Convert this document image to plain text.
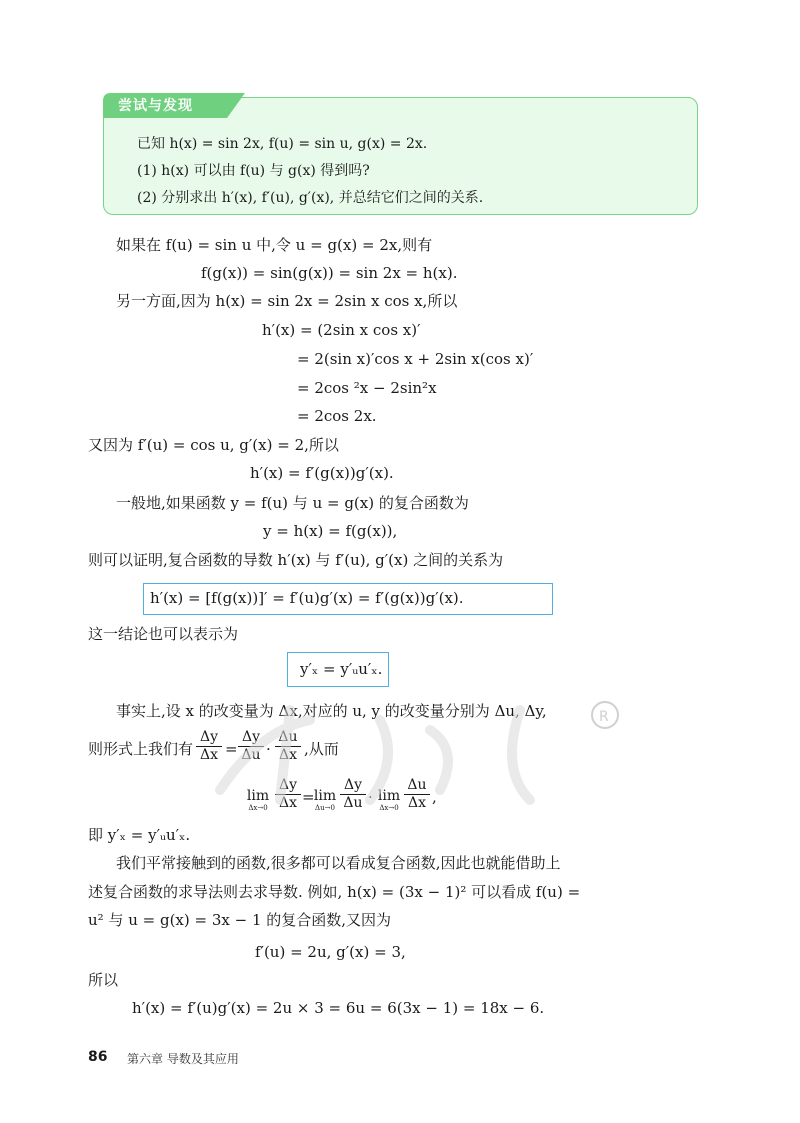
尝试与发现
已知 h(x) = sin 2x, f(u) = sin u, g(x) = 2x.
(1) h(x) 可以由 f(u) 与 g(x) 得到吗?
(2) 分别求出 h′(x), f′(u), g′(x), 并总结它们之间的关系.
如果在 f(u) = sin u 中,令 u = g(x) = 2x,则有
f(g(x)) = sin(g(x)) = sin 2x = h(x).
另一方面,因为 h(x) = sin 2x = 2sin x cos x,所以
h′(x) = (2sin x cos x)′
= 2(sin x)′cos x + 2sin x(cos x)′
= 2cos ²x − 2sin²x
= 2cos 2x.
又因为 f′(u) = cos u, g′(x) = 2,所以
h′(x) = f′(g(x))g′(x).
一般地,如果函数 y = f(u) 与 u = g(x) 的复合函数为
y = h(x) = f(g(x)),
则可以证明,复合函数的导数 h′(x) 与 f′(u), g′(x) 之间的关系为
h′(x) = [f(g(x))]′ = f′(u)g′(x) = f′(g(x))g′(x).
这一结论也可以表示为
y′ₓ = y′ᵤu′ₓ.
事实上,设 x 的改变量为 Δx,对应的 u, y 的改变量分别为 Δu, Δy,
则形式上我们有
Δy
Δx =
Δy
Δu ·
Δu
Δx ,从而
lim
Δx→0
Δy
Δx = lim
Δu→0
Δy
Δu · lim
Δx→0
Δu
Δx ,
即 y′ₓ = y′ᵤu′ₓ.
我们平常接触到的函数,很多都可以看成复合函数,因此也就能借助上
述复合函数的求导法则去求导数. 例如, h(x) = (3x − 1)² 可以看成 f(u) =
u² 与 u = g(x) = 3x − 1 的复合函数,又因为
f′(u) = 2u, g′(x) = 3,
所以
h′(x) = f′(u)g′(x) = 2u × 3 = 6u = 6(3x − 1) = 18x − 6.
R
86 第六章 导数及其应用
